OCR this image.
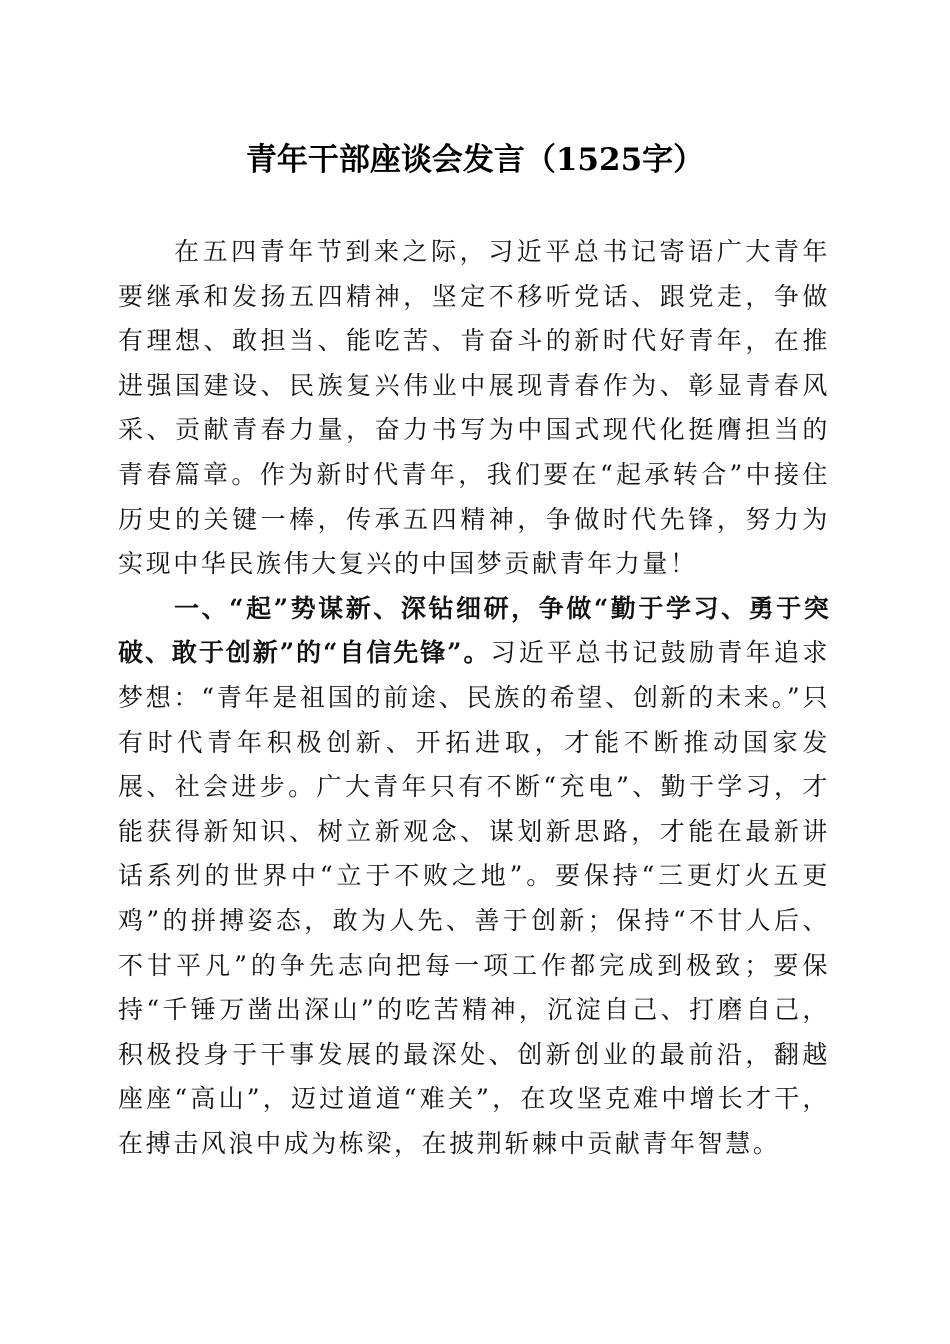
青年干部座谈会发言（1525字）

在五四青年节到来之际，习近平总书记寄语广大青年要继承和发扬五四精神，坚定不移听党话、跟党走，争做有理想、敢担当、能吃苦、肯奋斗的新时代好青年，在推进强国建设、民族复兴伟业中展现青春作为、彰显青春风采、贡献青春力量，奋力书写为中国式现代化挺膺担当的青春篇章。作为新时代青年，我们要在“起承转合”中接住历史的关键一棒，传承五四精神，争做时代先锋，努力为实现中华民族伟大复兴的中国梦贡献青年力量！

一、“起”势谋新、深钻细研，争做“勤于学习、勇于突破、敢于创新”的“自信先锋”。习近平总书记鼓励青年追求梦想：“青年是祖国的前途、民族的希望、创新的未来。”只有时代青年积极创新、开拓进取，才能不断推动国家发展、社会进步。广大青年只有不断“充电”、勤于学习，才能获得新知识、树立新观念、谋划新思路，才能在最新讲话系列的世界中“立于不败之地”。要保持“三更灯火五更鸡”的拼搏姿态，敢为人先、善于创新；保持“不甘人后、不甘平凡”的争先志向把每一项工作都完成到极致；要保持“千锤万凿出深山”的吃苦精神，沉淀自己、打磨自己，积极投身于干事发展的最深处、创新创业的最前沿，翻越座座“高山”，迈过道道“难关”，在攻坚克难中增长才干，在搏击风浪中成为栋梁，在披荆斩棘中贡献青年智慧。
